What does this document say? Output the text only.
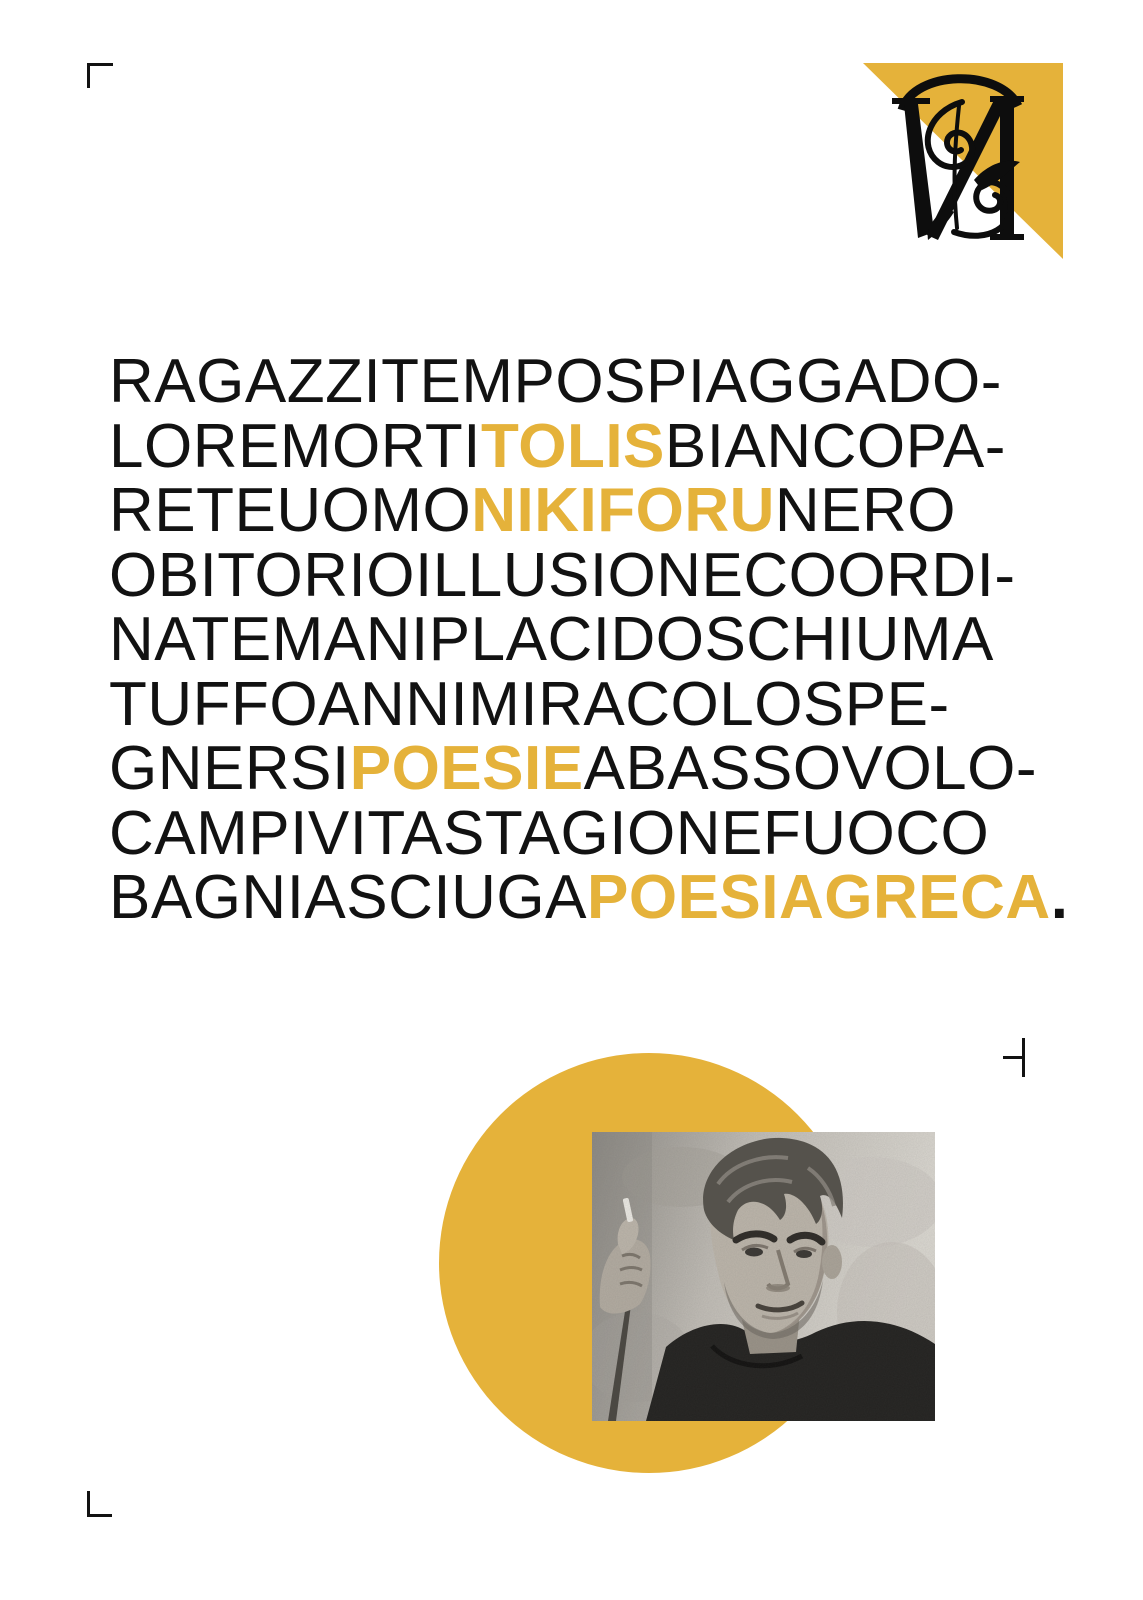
RAGAZZITEMPOSPIAGGADO-
LOREMORTITOLISBIANCOPA-
RETEUOMONIKIFORUNERO
OBITORIOILLUSIONECOORDI-
NATEMANIPLACIDOSCHIUMA
TUFFOANNIMIRACOLOSPE-
GNERSIPOESIEABASSOVOLO-
CAMPIVITASTAGIONEFUOCO
BAGNIASCIUGAPOESIAGRECA.
